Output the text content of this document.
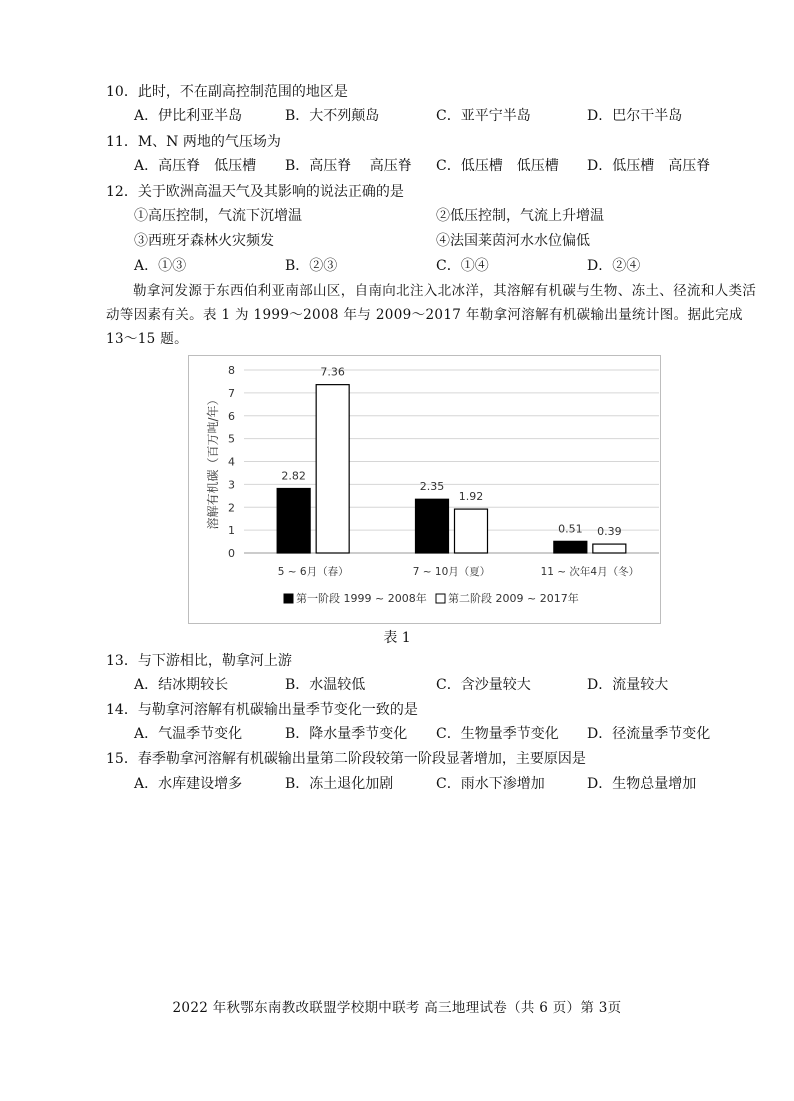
10．此时，不在副高控制范围的地区是
A．伊比利亚半岛	B．大不列颠岛	C．亚平宁半岛	D．巴尔干半岛
11．M、N 两地的气压场为
A．高压脊　低压槽 B．高压脊　 高压脊 C．低压槽　低压槽 D．低压槽　高压脊
12．关于欧洲高温天气及其影响的说法正确的是
①高压控制，气流下沉增温	②低压控制，气流上升增温
③西班牙森林火灾频发	④法国莱茵河水水位偏低
A．①③	B．②③	C．①④	D．②④
勒拿河发源于东西伯利亚南部山区，自南向北注入北冰洋，其溶解有机碳与生物、冻土、径流和人类活动等因素有关。表 1 为 1999～2008 年与 2009～2017 年勒拿河溶解有机碳输出量统计图。据此完成 13～15 题。
0
1
2
3
4
5
6
7
8
溶解有机碳（百万吨/年）	2.82
7.36
5 ~ 6月（春）
2.35
1.92
7 ~ 10月（夏）
0.51 0.39
11 ~ 次年4月（冬）
第一阶段 1999 ~ 2008年 第二阶段 2009 ~ 2017年
表 1
13．与下游相比，勒拿河上游
A．结冰期较长	B．水温较低	C．含沙量较大	D．流量较大
14．与勒拿河溶解有机碳输出量季节变化一致的是
A．气温季节变化	B．降水量季节变化 C．生物量季节变化 D．径流量季节变化
15．春季勒拿河溶解有机碳输出量第二阶段较第一阶段显著增加，主要原因是
A．水库建设增多	B．冻土退化加剧	C．雨水下渗增加	D．生物总量增加
2022 年秋鄂东南教改联盟学校期中联考 高三地理试卷（共 6 页）第 3页
